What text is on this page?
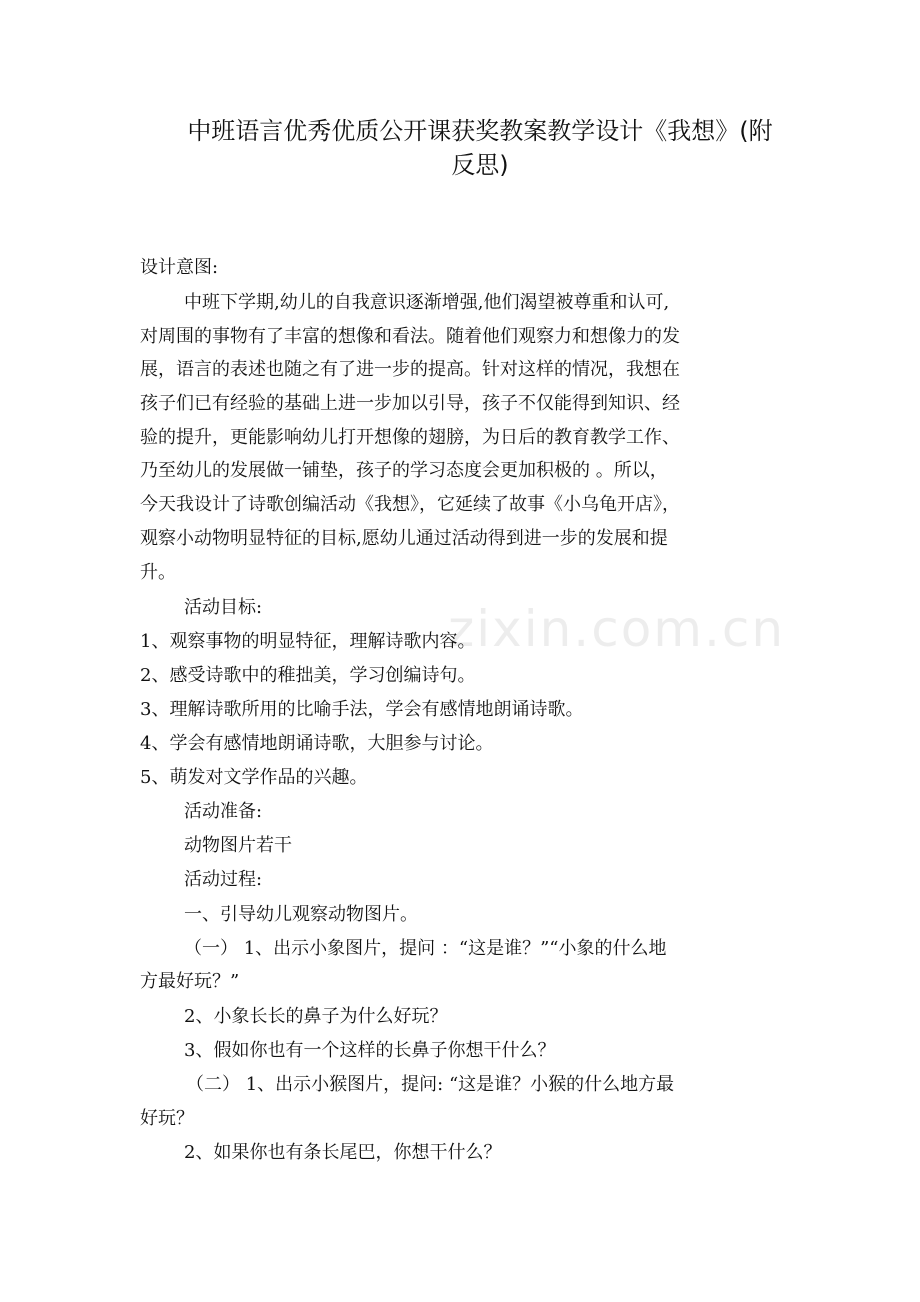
中班语言优秀优质公开课获奖教案教学设计《我想》(附
反思)
zixin.com.cn
设计意图:
中班下学期,幼儿的自我意识逐渐增强,他们渴望被尊重和认可,
对周围的事物有了丰富的想像和看法。随着他们观察力和想像力的发
展，语言的表述也随之有了进一步的提高。针对这样的情况，我想在
孩子们已有经验的基础上进一步加以引导，孩子不仅能得到知识、经
验的提升，更能影响幼儿打开想像的翅膀，为日后的教育教学工作、
乃至幼儿的发展做一铺垫，孩子的学习态度会更加积极的 。所以，
今天我设计了诗歌创编活动《我想》，它延续了故事《小乌龟开店》，
观察小动物明显特征的目标,愿幼儿通过活动得到进一步的发展和提
升。
活动目标:
1、观察事物的明显特征，理解诗歌内容。
2、感受诗歌中的稚拙美，学习创编诗句。
3、理解诗歌所用的比喻手法，学会有感情地朗诵诗歌。
4、学会有感情地朗诵诗歌，大胆参与讨论。
5、萌发对文学作品的兴趣。
活动准备:
动物图片若干
活动过程:
一、引导幼儿观察动物图片。
（一） 1、出示小象图片，提问 ：“这是谁？”“小象的什么地
方最好玩？”
2、小象长长的鼻子为什么好玩？
3、假如你也有一个这样的长鼻子你想干什么？
（二） 1、出示小猴图片，提问: “这是谁？小猴的什么地方最
好玩？
2、如果你也有条长尾巴，你想干什么？
